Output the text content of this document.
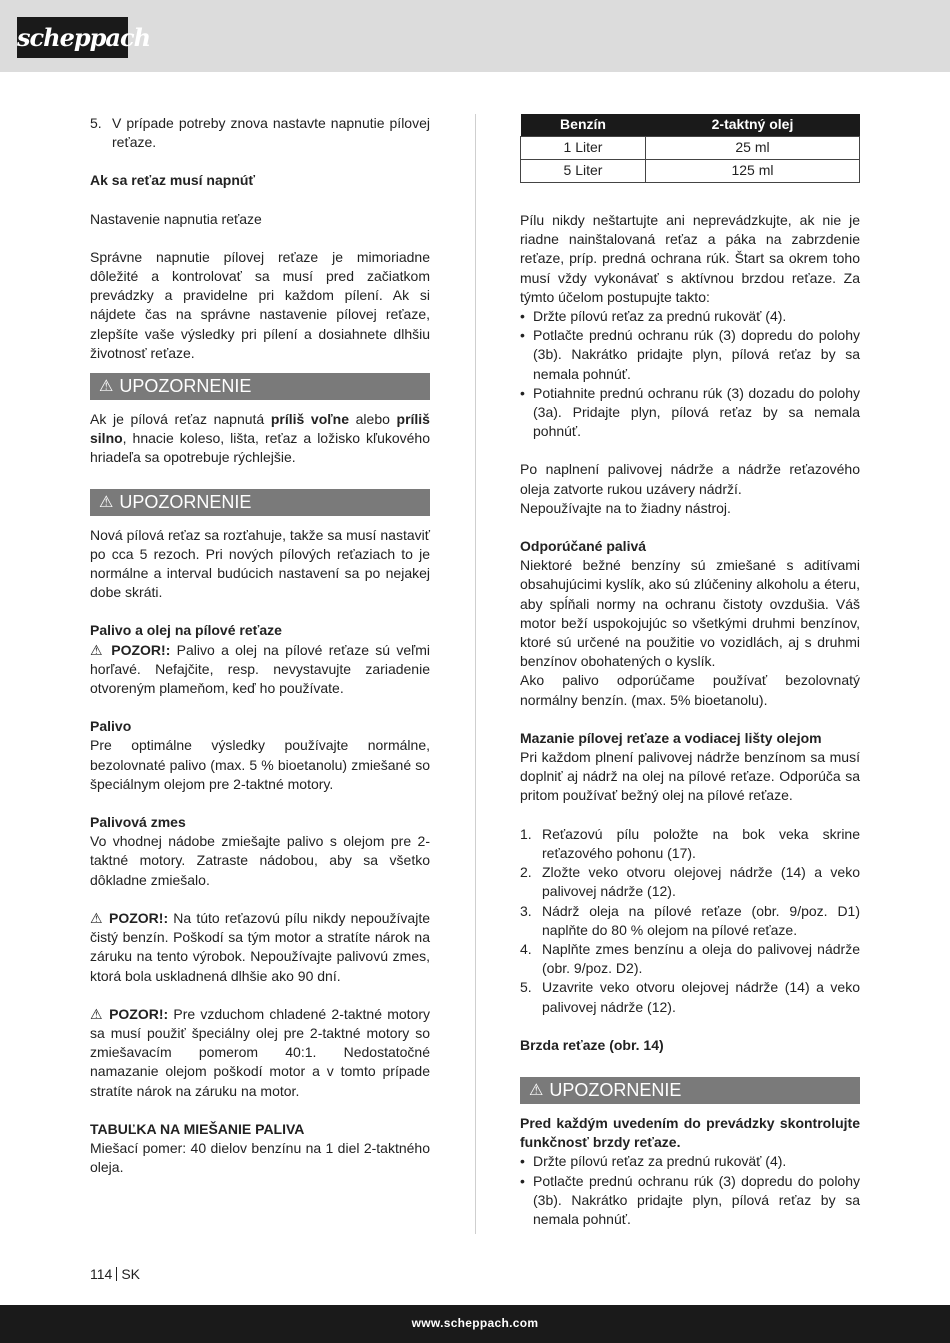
scheppach
5. V prípade potreby znova nastavte napnutie pílovej reťaze.

Ak sa reťaz musí napnúť

Nastavenie napnutia reťaze

Správne napnutie pílovej reťaze je mimoriadne dôležité a kontrolovať sa musí pred začiatkom prevádzky a pravidelne pri každom pílení. Ak si nájdete čas na správne nastavenie pílovej reťaze, zlepšíte vaše výsledky pri pílení a dosiahnete dlhšiu životnosť reťaze.

⚠ UPOZORNENIE

Ak je pílová reťaz napnutá príliš voľne alebo príliš silno, hnacie koleso, lišta, reťaz a ložisko kľukového hriadeľa sa opotrebuje rýchlejšie.

⚠ UPOZORNENIE

Nová pílová reťaz sa rozťahuje, takže sa musí nastaviť po cca 5 rezoch. Pri nových pílových reťaziach to je normálne a interval budúcich nastavení sa po nejakej dobe skráti.

Palivo a olej na pílové reťaze

⚠ POZOR!: Palivo a olej na pílové reťaze sú veľmi horľavé. Nefajčite, resp. nevystavujte zariadenie otvoreným plameňom, keď ho používate.

Palivo

Pre optimálne výsledky používajte normálne, bezolovnaté palivo (max. 5 % bioetanolu) zmiešané so špeciálnym olejom pre 2-taktné motory.

Palivová zmes

Vo vhodnej nádobe zmiešajte palivo s olejom pre 2-taktné motory. Zatraste nádobou, aby sa všetko dôkladne zmiešalo.

⚠ POZOR!: Na túto reťazovú pílu nikdy nepoužívajte čistý benzín. Poškodí sa tým motor a stratíte nárok na záruku na tento výrobok. Nepoužívajte palivovú zmes, ktorá bola uskladnená dlhšie ako 90 dní.

⚠ POZOR!: Pre vzduchom chladené 2-taktné motory sa musí použiť špeciálny olej pre 2-taktné motory so zmiešavacím pomerom 40:1. Nedostatočné namazanie olejom poškodí motor a v tomto prípade stratíte nárok na záruku na motor.

TABUĽKA NA MIEŠANIE PALIVA

Miešací pomer: 40 dielov benzínu na 1 diel 2-taktného oleja.

Benzín	2-taktný olej
1 Liter	25 ml
5 Liter	125 ml

Pílu nikdy neštartujte ani neprevádzkujte, ak nie je riadne nainštalovaná reťaz a páka na zabrzdenie reťaze, príp. predná ochrana rúk. Štart sa okrem toho musí vždy vykonávať s aktívnou brzdou reťaze. Za týmto účelom postupujte takto:

• Držte pílovú reťaz za prednú rukoväť (4).
• Potlačte prednú ochranu rúk (3) dopredu do polohy (3b). Nakrátko pridajte plyn, pílová reťaz by sa nemala pohnúť.
• Potiahnite prednú ochranu rúk (3) dozadu do polohy (3a). Pridajte plyn, pílová reťaz by sa nemala pohnúť.

Po naplnení palivovej nádrže a nádrže reťazového oleja zatvorte rukou uzávery nádrží.

Nepoužívajte na to žiadny nástroj.

Odporúčané palivá

Niektoré bežné benzíny sú zmiešané s aditívami obsahujúcimi kyslík, ako sú zlúčeniny alkoholu a éteru, aby spĺňali normy na ochranu čistoty ovzdušia. Váš motor beží uspokojujúc so všetkými druhmi benzínov, ktoré sú určené na použitie vo vozidlách, aj s druhmi benzínov obohatených o kyslík.

Ako palivo odporúčame používať bezolovnatý normálny benzín. (max. 5% bioetanolu).

Mazanie pílovej reťaze a vodiacej lišty olejom

Pri každom plnení palivovej nádrže benzínom sa musí doplniť aj nádrž na olej na pílové reťaze. Odporúča sa pritom používať bežný olej na pílové reťaze.

1. Reťazovú pílu položte na bok veka skrine reťazového pohonu (17).
2. Zložte veko otvoru olejovej nádrže (14) a veko palivovej nádrže (12).
3. Nádrž oleja na pílové reťaze (obr. 9/poz. D1) naplňte do 80 % olejom na pílové reťaze.
4. Naplňte zmes benzínu a oleja do palivovej nádrže (obr. 9/poz. D2).
5. Uzavrite veko otvoru olejovej nádrže (14) a veko palivovej nádrže (12).

Brzda reťaze (obr. 14)

⚠ UPOZORNENIE

Pred každým uvedením do prevádzky skontrolujte funkčnosť brzdy reťaze.

• Držte pílovú reťaz za prednú rukoväť (4).
• Potlačte prednú ochranu rúk (3) dopredu do polohy (3b). Nakrátko pridajte plyn, pílová reťaz by sa nemala pohnúť.
114 SK
www.scheppach.com
